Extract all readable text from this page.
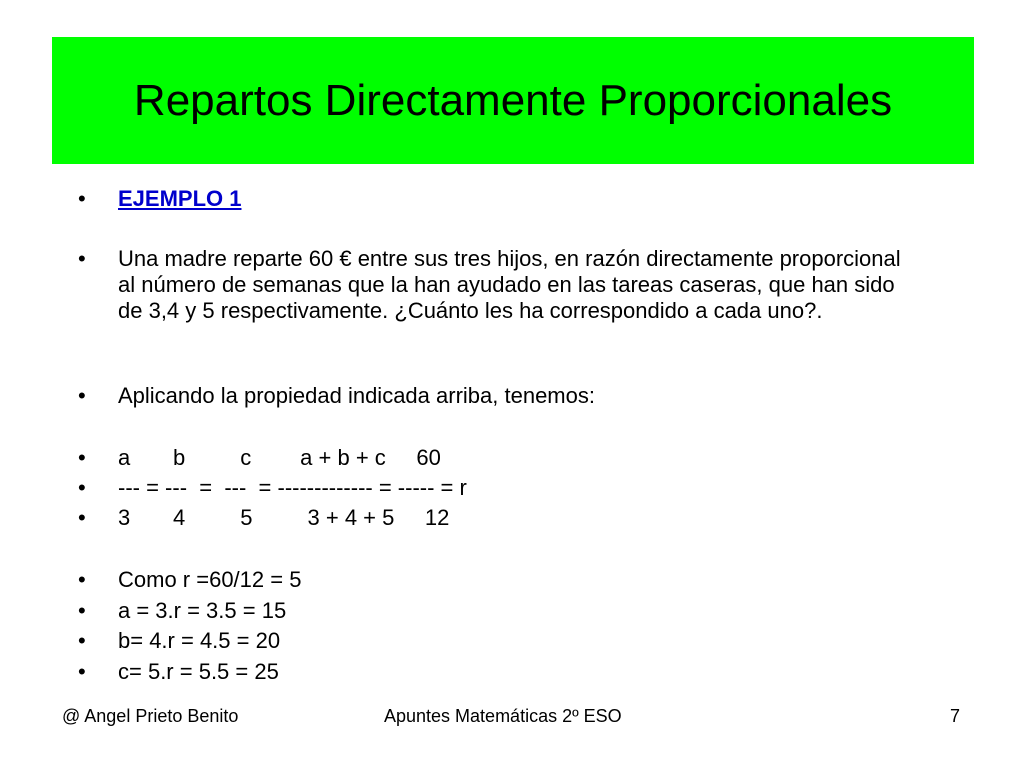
Repartos Directamente Proporcionales
•	EJEMPLO 1
•	Una madre reparte 60 € entre sus tres hijos, en razón directamente proporcional al número de semanas que la han ayudado en las tareas caseras, que han sido de 3,4 y 5 respectivamente. ¿Cuánto les ha correspondido a cada uno?.
•	Aplicando la propiedad indicada arriba, tenemos:
•	a       b         c        a + b + c     60
•	--- = ---  =  ---  = ------------- = ----- = r
•	3       4         5         3 + 4 + 5     12
•	Como r =60/12 = 5
•	a = 3.r = 3.5 = 15
•	b= 4.r = 4.5 = 20
•	c= 5.r = 5.5 = 25
@ Angel Prieto Benito	Apuntes Matemáticas 2º ESO	7
